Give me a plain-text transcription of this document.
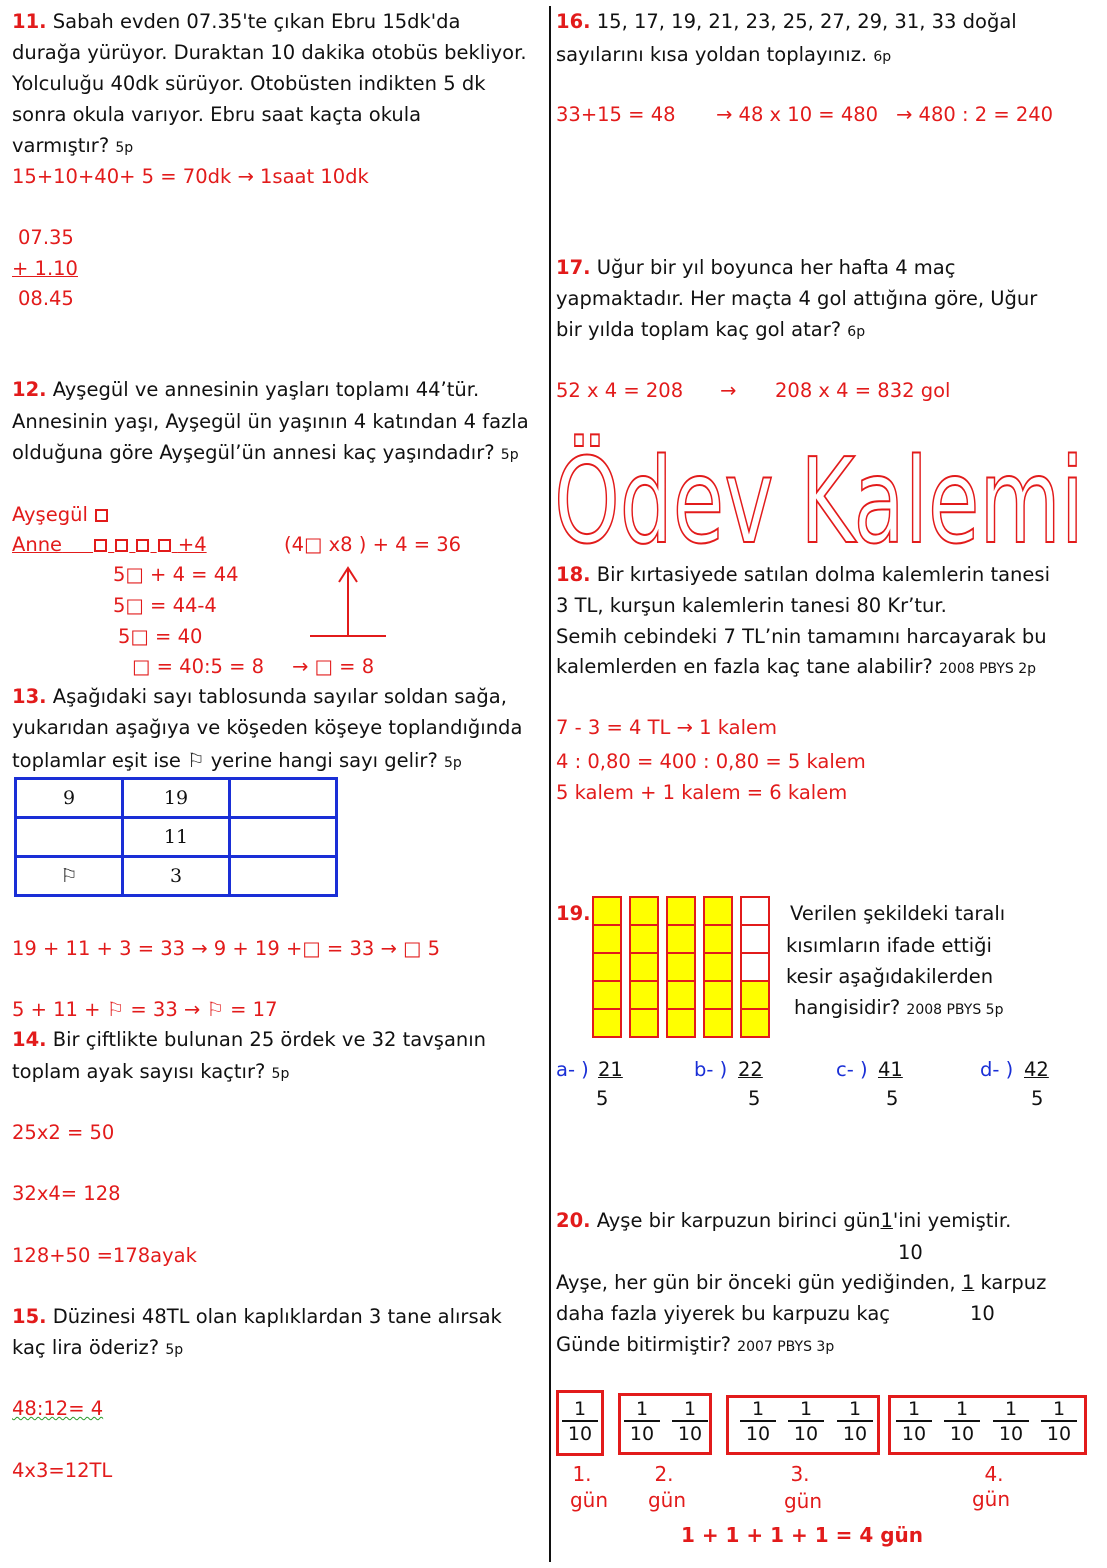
11. Sabah evden 07.35'te çıkan Ebru 15dk'da
durağa yürüyor. Duraktan 10 dakika otobüs bekliyor.
Yolculuğu 40dk sürüyor. Otobüsten indikten 5 dk
sonra okula varıyor. Ebru saat kaçta okula
varmıştır? 5p
15+10+40+ 5 = 70dk → 1saat 10dk
07.35
+ 1.10
08.45
12. Ayşegül ve annesinin yaşları toplamı 44’tür.
Annesinin yaşı, Ayşegül ün yaşının 4 katından 4 fazla
olduğuna göre Ayşegül’ün annesi kaç yaşındadır? 5p
Ayşegül
Anne	+4	(4□ x8 ) + 4 = 36
5□ + 4 = 44
5□ = 44-4
5□ = 40
□ = 40:5 = 8 → □ = 8
13. Aşağıdaki sayı tablosunda sayılar soldan sağa,
yukarıdan aşağıya ve köşeden köşeye toplandığında
toplamlar eşit ise ⚐ yerine hangi sayı gelir? 5p
9	19	
	11	
⚐	3	
19 + 11 + 3 = 33 → 9 + 19 +□ = 33 → □ 5
5 + 11 + ⚐ = 33 → ⚐ = 17
14. Bir çiftlikte bulunan 25 ördek ve 32 tavşanın
toplam ayak sayısı kaçtır? 5p
25x2 = 50
32x4= 128
128+50 =178ayak
15. Düzinesi 48TL olan kaplıklardan 3 tane alırsak
kaç lira öderiz? 5p
48:12= 4
4x3=12TL
16. 15, 17, 19, 21, 23, 25, 27, 29, 31, 33 doğal
sayılarını kısa yoldan toplayınız. 6p
33+15 = 48 → 48 x 10 = 480 → 480 : 2 = 240
17. Uğur bir yıl boyunca her hafta 4 maç
yapmaktadır. Her maçta 4 gol attığına göre, Uğur
bir yılda toplam kaç gol atar? 6p
52 x 4 = 208 → 208 x 4 = 832 gol
Ödev Kalemi
18. Bir kırtasiyede satılan dolma kalemlerin tanesi
3 TL, kurşun kalemlerin tanesi 80 Kr’tur.
Semih cebindeki 7 TL’nin tamamını harcayarak bu
kalemlerden en fazla kaç tane alabilir? 2008 PBYS 2p
7 - 3 = 4 TL → 1 kalem
4 : 0,80 = 400 : 0,80 = 5 kalem
5 kalem + 1 kalem = 6 kalem
19.	Verilen şekildeki taralı
kısımların ifade ettiği
kesir aşağıdakilerden
hangisidir? 2008 PBYS 5p
a- ) 21
5
b- ) 22
5
c- ) 41
5
d- ) 42
5
20. Ayşe bir karpuzun birinci gün1'ini yemiştir.
10
Ayşe, her gün bir önceki gün yediğinden, 1 karpuz
daha fazla yiyerek bu karpuzu kaç	10
Günde bitirmiştir? 2007 PBYS 3p
$\frac{1}{10} \frac{1}{10} \frac{1}{10} \frac{1}{10} \frac{1}{10} \frac{1}{10} \frac{1}{10} \frac{1}{10} \frac{1}{10} \frac{1}{10}$
1.
gün
2.
gün
3.
gün
4.
gün
1 + 1 + 1 + 1 = 4 gün
